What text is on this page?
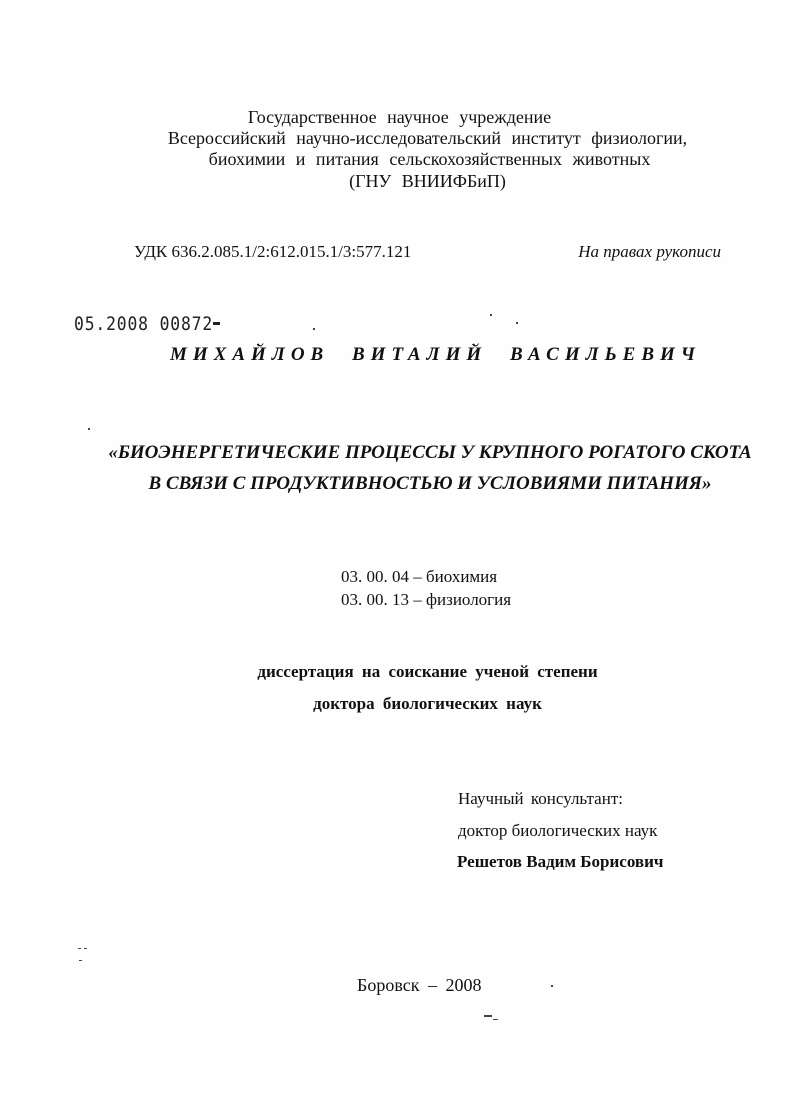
Государственное научное учреждение
Всероссийский научно-исследовательский институт физиологии,
биохимии и питания сельскохозяйственных животных
(ГНУ ВНИИФБиП)
УДК 636.2.085.1/2:612.015.1/3:577.121	На правах рукописи
05.2008 00872
МИХАЙЛОВ ВИТАЛИЙ ВАСИЛЬЕВИЧ
«БИОЭНЕРГЕТИЧЕСКИЕ ПРОЦЕССЫ У КРУПНОГО РОГАТОГО СКОТА В СВЯЗИ С ПРОДУКТИВНОСТЬЮ И УСЛОВИЯМИ ПИТАНИЯ»
03. 00. 04 – биохимия
03. 00. 13 – физиология
диссертация на соискание ученой степени
доктора биологических наук
Научный консультант:
доктор биологических наук
Решетов Вадим Борисович
Боровск – 2008
